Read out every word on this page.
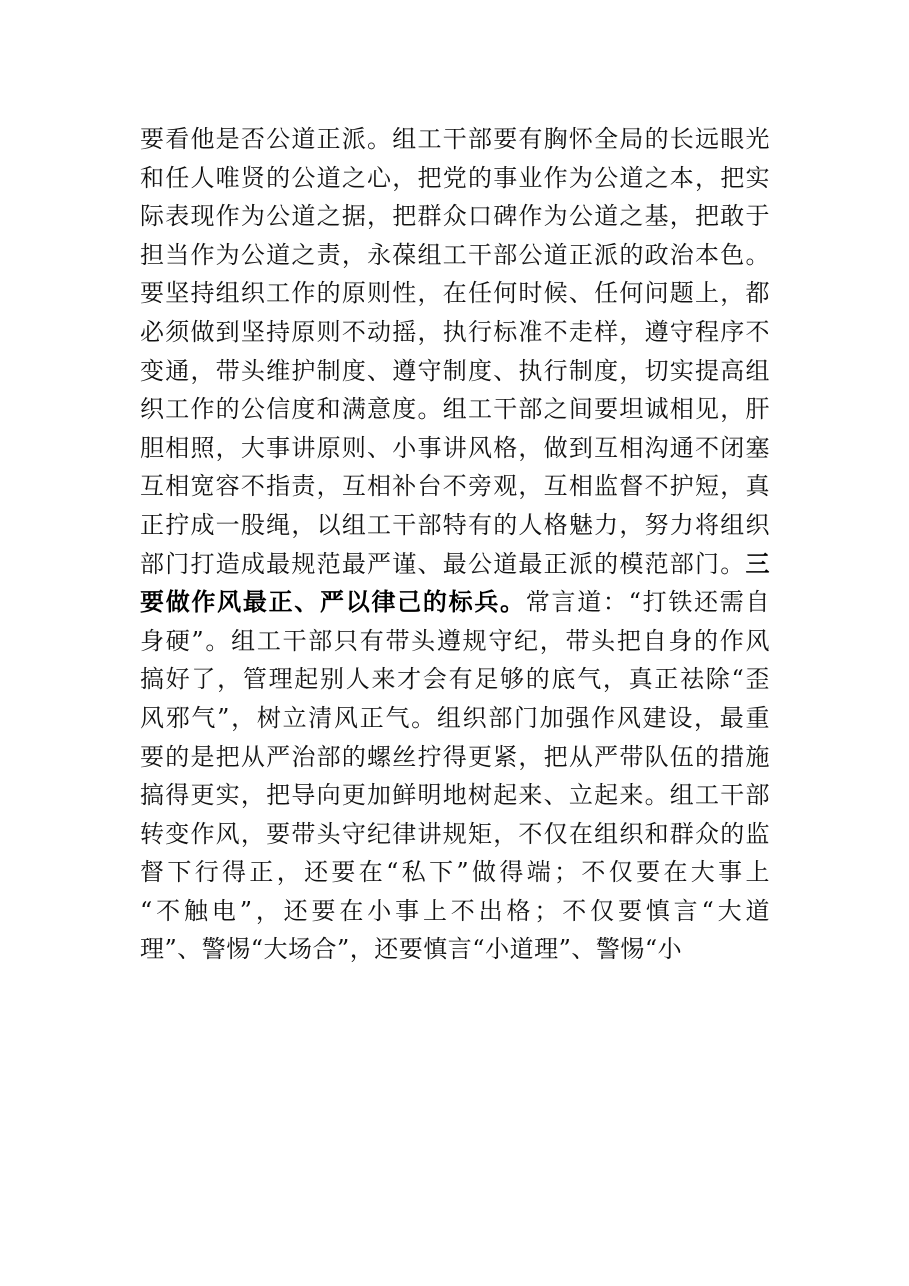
要看他是否公道正派。组工干部要有胸怀全局的长远眼光
和任人唯贤的公道之心，把党的事业作为公道之本，把实
际表现作为公道之据，把群众口碑作为公道之基，把敢于
担当作为公道之责，永葆组工干部公道正派的政治本色。
要坚持组织工作的原则性，在任何时候、任何问题上，都
必须做到坚持原则不动摇，执行标准不走样，遵守程序不
变通，带头维护制度、遵守制度、执行制度，切实提高组
织工作的公信度和满意度。组工干部之间要坦诚相见，肝
胆相照，大事讲原则、小事讲风格，做到互相沟通不闭塞
互相宽容不指责，互相补台不旁观，互相监督不护短，真
正拧成一股绳，以组工干部特有的人格魅力，努力将组织
部门打造成最规范最严谨、最公道最正派的模范部门。三
要做作风最正、严以律己的标兵。常言道：“打铁还需自
身硬”。组工干部只有带头遵规守纪，带头把自身的作风
搞好了，管理起别人来才会有足够的底气，真正祛除“歪
风邪气”，树立清风正气。组织部门加强作风建设，最重
要的是把从严治部的螺丝拧得更紧，把从严带队伍的措施
搞得更实，把导向更加鲜明地树起来、立起来。组工干部
转变作风，要带头守纪律讲规矩，不仅在组织和群众的监
督下行得正，还要在“私下”做得端；不仅要在大事上
“不触电”，还要在小事上不出格；不仅要慎言“大道
理”、警惕“大场合”，还要慎言“小道理”、警惕“小
